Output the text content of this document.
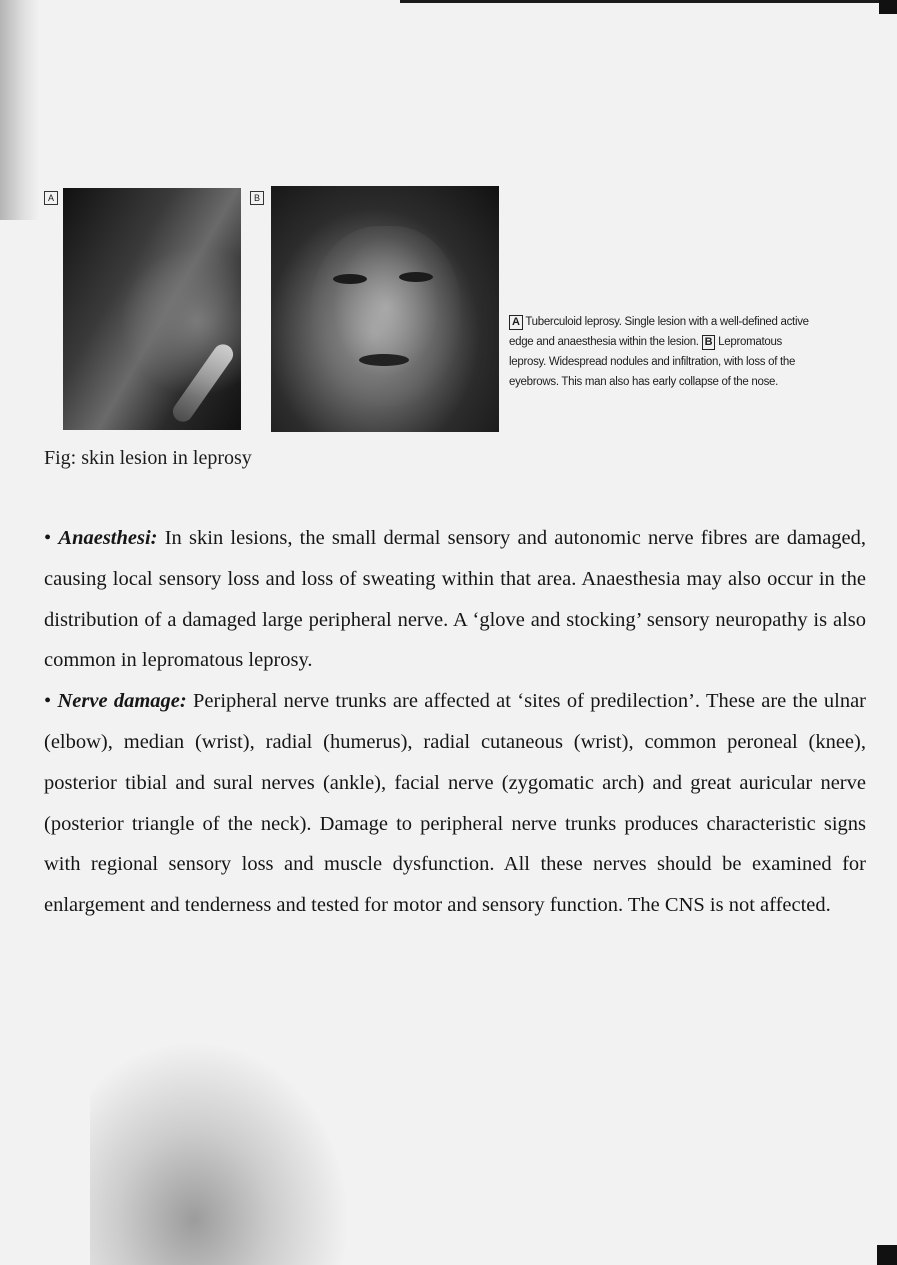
A	B
A Tuberculoid leprosy. Single lesion with a well-defined active edge and anaesthesia within the lesion. B Lepromatous leprosy. Widespread nodules and infiltration, with loss of the eyebrows. This man also has early collapse of the nose.
Fig: skin lesion in leprosy

• Anaesthesi: In skin lesions, the small dermal sensory and autonomic nerve fibres are damaged, causing local sensory loss and loss of sweating within that area. Anaesthesia may also occur in the distribution of a damaged large peripheral nerve. A ‘glove and stocking’ sensory neuropathy is also common in lepromatous leprosy.

• Nerve damage: Peripheral nerve trunks are affected at ‘sites of predilection’. These are the ulnar (elbow), median (wrist), radial (humerus), radial cutaneous (wrist), common peroneal (knee), posterior tibial and sural nerves (ankle), facial nerve (zygomatic arch) and great auricular nerve (posterior triangle of the neck). Damage to peripheral nerve trunks produces characteristic signs with regional sensory loss and muscle dysfunction. All these nerves should be examined for enlargement and tenderness and tested for motor and sensory function. The CNS is not affected.
